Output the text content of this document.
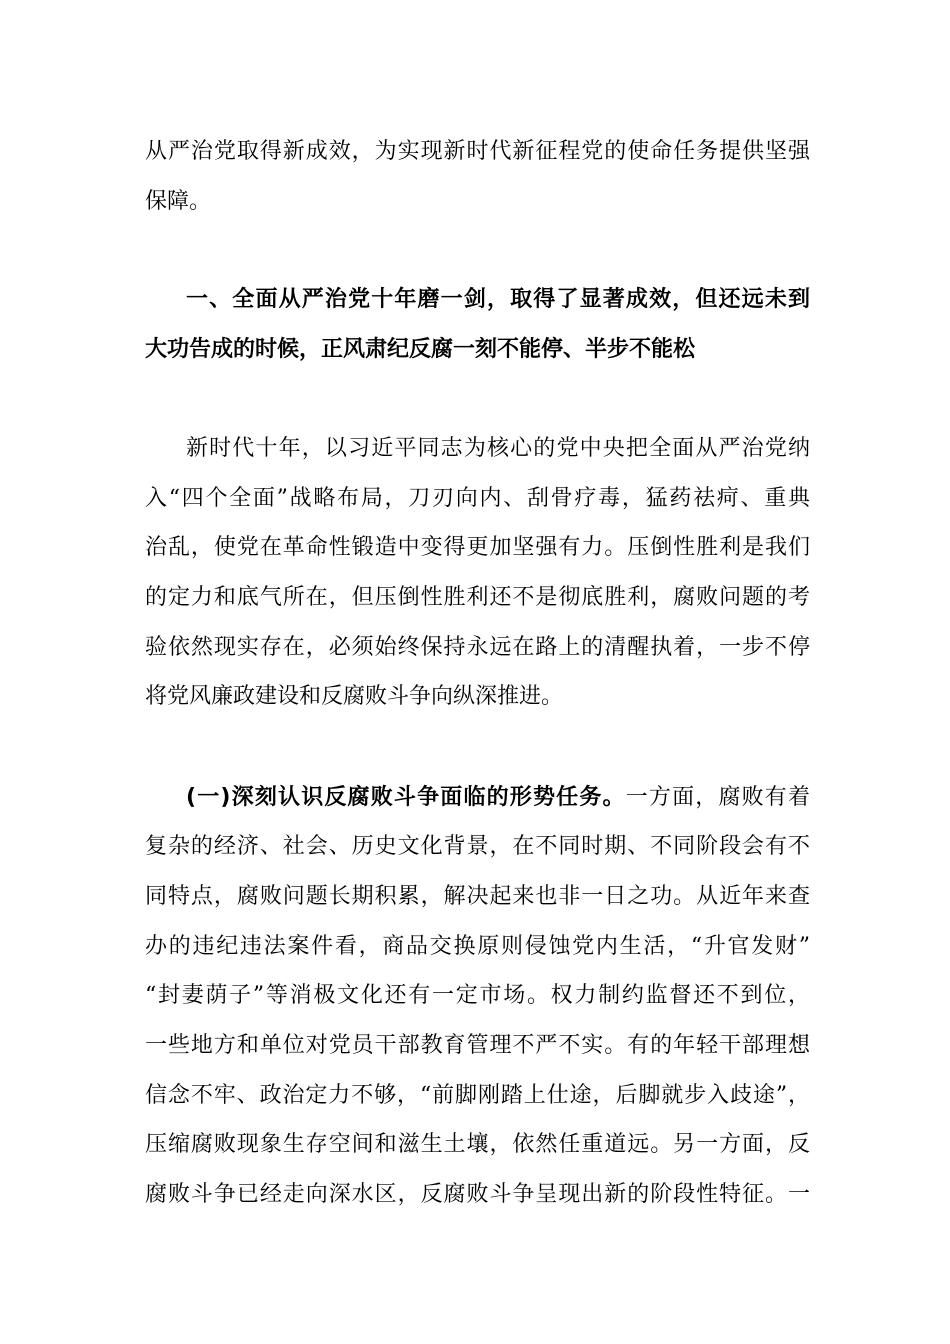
从严治党取得新成效，为实现新时代新征程党的使命任务提供坚强
保障。
一、全面从严治党十年磨一剑，取得了显著成效，但还远未到
大功告成的时候，正风肃纪反腐一刻不能停、半步不能松
新时代十年，以习近平同志为核心的党中央把全面从严治党纳
入“四个全面”战略布局，刀刃向内、刮骨疗毒，猛药祛疴、重典
治乱，使党在革命性锻造中变得更加坚强有力。压倒性胜利是我们
的定力和底气所在，但压倒性胜利还不是彻底胜利，腐败问题的考
验依然现实存在，必须始终保持永远在路上的清醒执着，一步不停
将党风廉政建设和反腐败斗争向纵深推进。
(一)深刻认识反腐败斗争面临的形势任务。一方面，腐败有着
复杂的经济、社会、历史文化背景，在不同时期、不同阶段会有不
同特点，腐败问题长期积累，解决起来也非一日之功。从近年来查
办的违纪违法案件看，商品交换原则侵蚀党内生活，“升官发财”
“封妻荫子”等消极文化还有一定市场。权力制约监督还不到位，
一些地方和单位对党员干部教育管理不严不实。有的年轻干部理想
信念不牢、政治定力不够，“前脚刚踏上仕途，后脚就步入歧途”，
压缩腐败现象生存空间和滋生土壤，依然任重道远。另一方面，反
腐败斗争已经走向深水区，反腐败斗争呈现出新的阶段性特征。一
